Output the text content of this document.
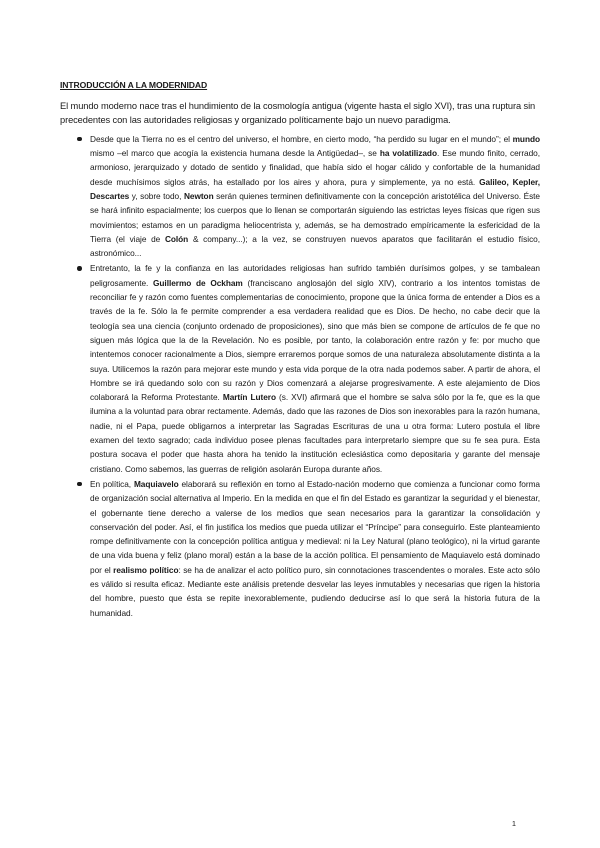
INTRODUCCIÓN A LA MODERNIDAD

El mundo moderno nace tras el hundimiento de la cosmología antigua (vigente hasta el siglo XVI), tras una ruptura sin precedentes con las autoridades religiosas y organizado políticamente bajo un nuevo paradigma.

Desde que la Tierra no es el centro del universo, el hombre, en cierto modo, “ha perdido su lugar en el mundo”; el mundo mismo –el marco que acogía la existencia humana desde la Antigüedad–, se ha volatilizado. Ese mundo finito, cerrado, armonioso, jerarquizado y dotado de sentido y finalidad, que había sido el hogar cálido y confortable de la humanidad desde muchísimos siglos atrás, ha estallado por los aires y ahora, pura y simplemente, ya no está. Galileo, Kepler, Descartes y, sobre todo, Newton serán quienes terminen definitivamente con la concepción aristotélica del Universo. Éste se hará infinito espacialmente; los cuerpos que lo llenan se comportarán siguiendo las estrictas leyes físicas que rigen sus movimientos; estamos en un paradigma heliocentrista y, además, se ha demostrado empíricamente la esfericidad de la Tierra (el viaje de Colón & company...); a la vez, se construyen nuevos aparatos que facilitarán el estudio físico, astronómico...
Entretanto, la fe y la confianza en las autoridades religiosas han sufrido también durísimos golpes, y se tambalean peligrosamente. Guillermo de Ockham (franciscano anglosajón del siglo XIV), contrario a los intentos tomistas de reconciliar fe y razón como fuentes complementarias de conocimiento, propone que la única forma de entender a Dios es a través de la fe. Sólo la fe permite comprender a esa verdadera realidad que es Dios. De hecho, no cabe decir que la teología sea una ciencia (conjunto ordenado de proposiciones), sino que más bien se compone de artículos de fe que no siguen más lógica que la de la Revelación. No es posible, por tanto, la colaboración entre razón y fe: por mucho que intentemos conocer racionalmente a Dios, siempre erraremos porque somos de una naturaleza absolutamente distinta a la suya. Utilicemos la razón para mejorar este mundo y esta vida porque de la otra nada podemos saber. A partir de ahora, el Hombre se irá quedando solo con su razón y Dios comenzará a alejarse progresivamente. A este alejamiento de Dios colaborará la Reforma Protestante. Martín Lutero (s. XVI) afirmará que el hombre se salva sólo por la fe, que es la que ilumina a la voluntad para obrar rectamente. Además, dado que las razones de Dios son inexorables para la razón humana, nadie, ni el Papa, puede obligarnos a interpretar las Sagradas Escrituras de una u otra forma: Lutero postula el libre examen del texto sagrado; cada individuo posee plenas facultades para interpretarlo siempre que su fe sea pura. Esta postura socava el poder que hasta ahora ha tenido la institución eclesiástica como depositaria y garante del mensaje cristiano. Como sabemos, las guerras de religión asolarán Europa durante años.
En política, Maquiavelo elaborará su reflexión en torno al Estado-nación moderno que comienza a funcionar como forma de organización social alternativa al Imperio. En la medida en que el fin del Estado es garantizar la seguridad y el bienestar, el gobernante tiene derecho a valerse de los medios que sean necesarios para la garantizar la consolidación y conservación del poder. Así, el fin justifica los medios que pueda utilizar el “Príncipe” para conseguirlo. Este planteamiento rompe definitivamente con la concepción política antigua y medieval: ni la Ley Natural (plano teológico), ni la virtud garante de una vida buena y feliz (plano moral) están a la base de la acción política. El pensamiento de Maquiavelo está dominado por el realismo político: se ha de analizar el acto político puro, sin connotaciones trascendentes o morales. Este acto sólo es válido si resulta eficaz. Mediante este análisis pretende desvelar las leyes inmutables y necesarias que rigen la historia del hombre, puesto que ésta se repite inexorablemente, pudiendo deducirse así lo que será la historia futura de la humanidad.
1
